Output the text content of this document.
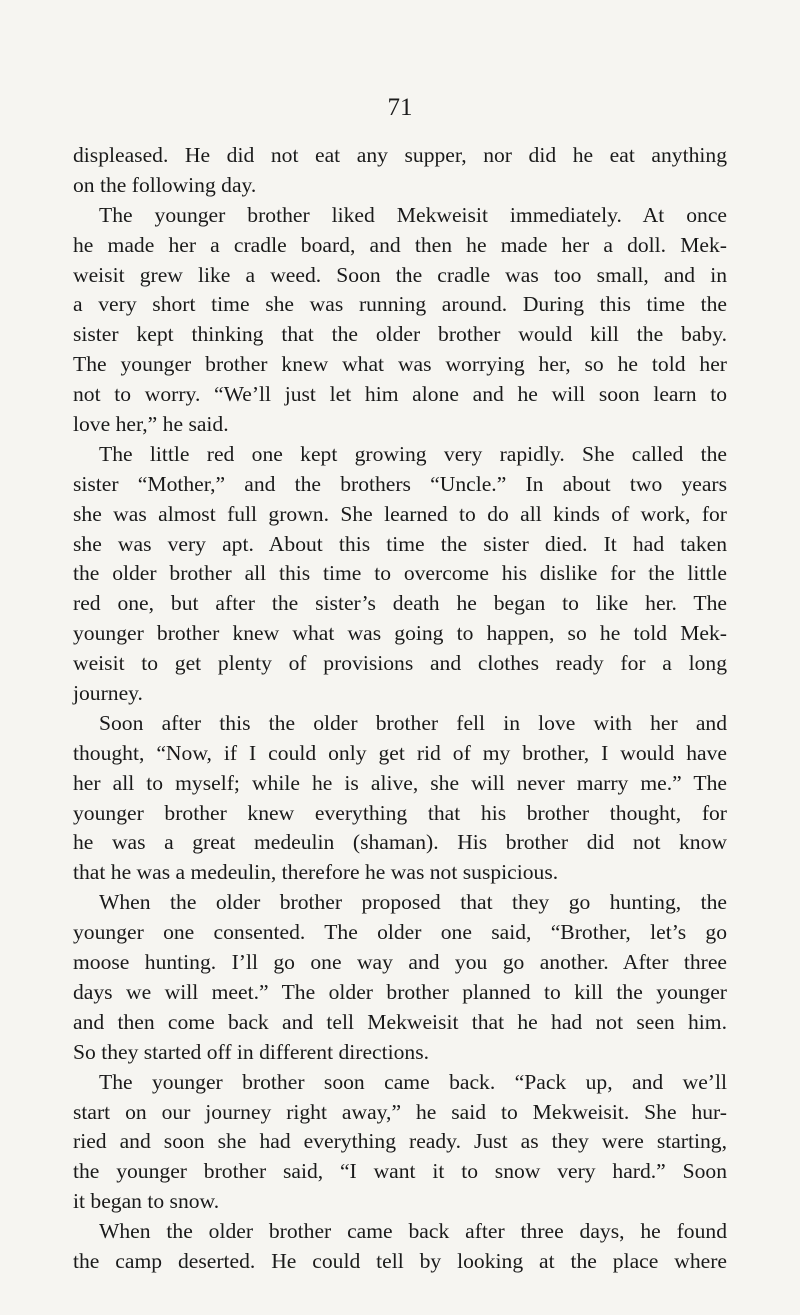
71
displeased. He did not eat any supper, nor did he eat anything
on the following day.
The younger brother liked Mekweisit immediately. At once
he made her a cradle board, and then he made her a doll. Mek-
weisit grew like a weed. Soon the cradle was too small, and in
a very short time she was running around. During this time the
sister kept thinking that the older brother would kill the baby.
The younger brother knew what was worrying her, so he told her
not to worry. “We’ll just let him alone and he will soon learn to
love her,” he said.
The little red one kept growing very rapidly. She called the
sister “Mother,” and the brothers “Uncle.” In about two years
she was almost full grown. She learned to do all kinds of work, for
she was very apt. About this time the sister died. It had taken
the older brother all this time to overcome his dislike for the little
red one, but after the sister’s death he began to like her. The
younger brother knew what was going to happen, so he told Mek-
weisit to get plenty of provisions and clothes ready for a long
journey.
Soon after this the older brother fell in love with her and
thought, “Now, if I could only get rid of my brother, I would have
her all to myself; while he is alive, she will never marry me.” The
younger brother knew everything that his brother thought, for
he was a great medeulin (shaman). His brother did not know
that he was a medeulin, therefore he was not suspicious.
When the older brother proposed that they go hunting, the
younger one consented. The older one said, “Brother, let’s go
moose hunting. I’ll go one way and you go another. After three
days we will meet.” The older brother planned to kill the younger
and then come back and tell Mekweisit that he had not seen him.
So they started off in different directions.
The younger brother soon came back. “Pack up, and we’ll
start on our journey right away,” he said to Mekweisit. She hur-
ried and soon she had everything ready. Just as they were starting,
the younger brother said, “I want it to snow very hard.” Soon
it began to snow.
When the older brother came back after three days, he found
the camp deserted. He could tell by looking at the place where
